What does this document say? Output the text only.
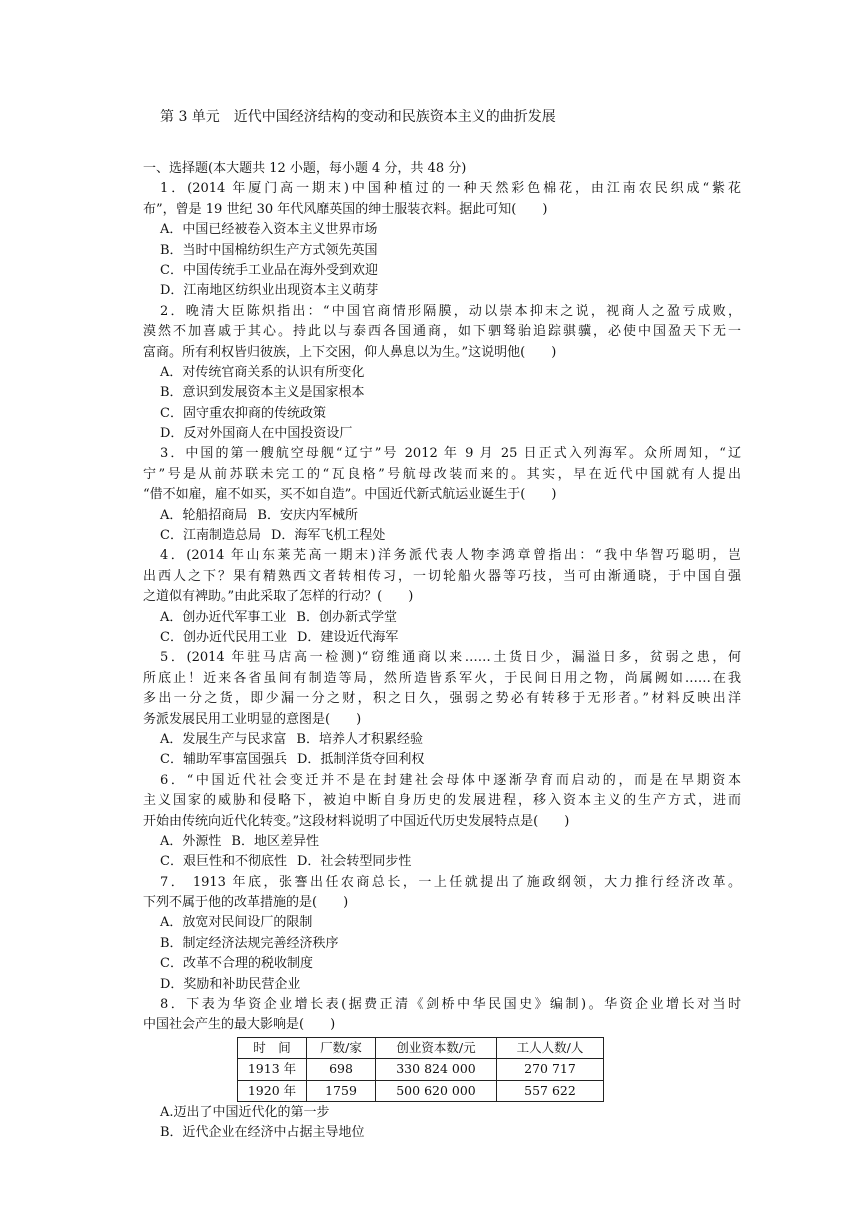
第 3 单元　近代中国经济结构的变动和民族资本主义的曲折发展
一、选择题(本大题共 12 小题，每小题 4 分，共 48 分)
1．(2014 年厦门高一期末)中国种植过的一种天然彩色棉花，由江南农民织成“紫花
布”，曾是 19 世纪 30 年代风靡英国的绅士服装衣料。据此可知(　　)
A．中国已经被卷入资本主义世界市场
B．当时中国棉纺织生产方式领先英国
C．中国传统手工业品在海外受到欢迎
D．江南地区纺织业出现资本主义萌芽
2．晚清大臣陈炽指出：“中国官商情形隔膜，动以崇本抑末之说，视商人之盈亏成败，
漠然不加喜戚于其心。持此以与泰西各国通商，如下驷驽骀追踪骐骥，必使中国盈天下无一
富商。所有利权皆归彼族，上下交困，仰人鼻息以为生。”这说明他(　　)
A．对传统官商关系的认识有所变化
B．意识到发展资本主义是国家根本
C．固守重农抑商的传统政策
D．反对外国商人在中国投资设厂
3．中国的第一艘航空母舰“辽宁”号 2012 年 9 月 25 日正式入列海军。众所周知，“辽
宁”号是从前苏联未完工的“瓦良格”号航母改装而来的。其实，早在近代中国就有人提出
“借不如雇，雇不如买，买不如自造”。中国近代新式航运业诞生于(　　)
A．轮船招商局 B．安庆内军械所
C．江南制造总局 D．海军飞机工程处
4．(2014 年山东莱芜高一期末)洋务派代表人物李鸿章曾指出：“我中华智巧聪明，岂
出西人之下？果有精熟西文者转相传习，一切轮船火器等巧技，当可由渐通晓，于中国自强
之道似有裨助。”由此采取了怎样的行动？(　　)
A．创办近代军事工业 B．创办新式学堂
C．创办近代民用工业 D．建设近代海军
5．(2014 年驻马店高一检测)“窃维通商以来……土货日少，漏溢日多，贫弱之患，何
所底止！近来各省虽间有制造等局，然所造皆系军火，于民间日用之物，尚属阙如……在我
多出一分之货，即少漏一分之财，积之日久，强弱之势必有转移于无形者。”材料反映出洋
务派发展民用工业明显的意图是(　　)
A．发展生产与民求富 B．培养人才积累经验
C．辅助军事富国强兵 D．抵制洋货夺回利权
6．“中国近代社会变迁并不是在封建社会母体中逐渐孕育而启动的，而是在早期资本
主义国家的威胁和侵略下，被迫中断自身历史的发展进程，移入资本主义的生产方式，进而
开始由传统向近代化转变。”这段材料说明了中国近代历史发展特点是(　　)
A．外源性 B．地区差异性
C．艰巨性和不彻底性 D．社会转型同步性
7． 1913 年底，张謇出任农商总长，一上任就提出了施政纲领，大力推行经济改革。
下列不属于他的改革措施的是(　　)
A．放宽对民间设厂的限制
B．制定经济法规完善经济秩序
C．改革不合理的税收制度
D．奖励和补助民营企业
8．下表为华资企业增长表(据费正清《剑桥中华民国史》编制)。华资企业增长对当时
中国社会产生的最大影响是(　　)
时　间	厂数/家	创业资本数/元	工人人数/人
1913 年	698	330 824 000	270 717
1920 年	1759	500 620 000	557 622
A.迈出了中国近代化的第一步
B．近代企业在经济中占据主导地位
